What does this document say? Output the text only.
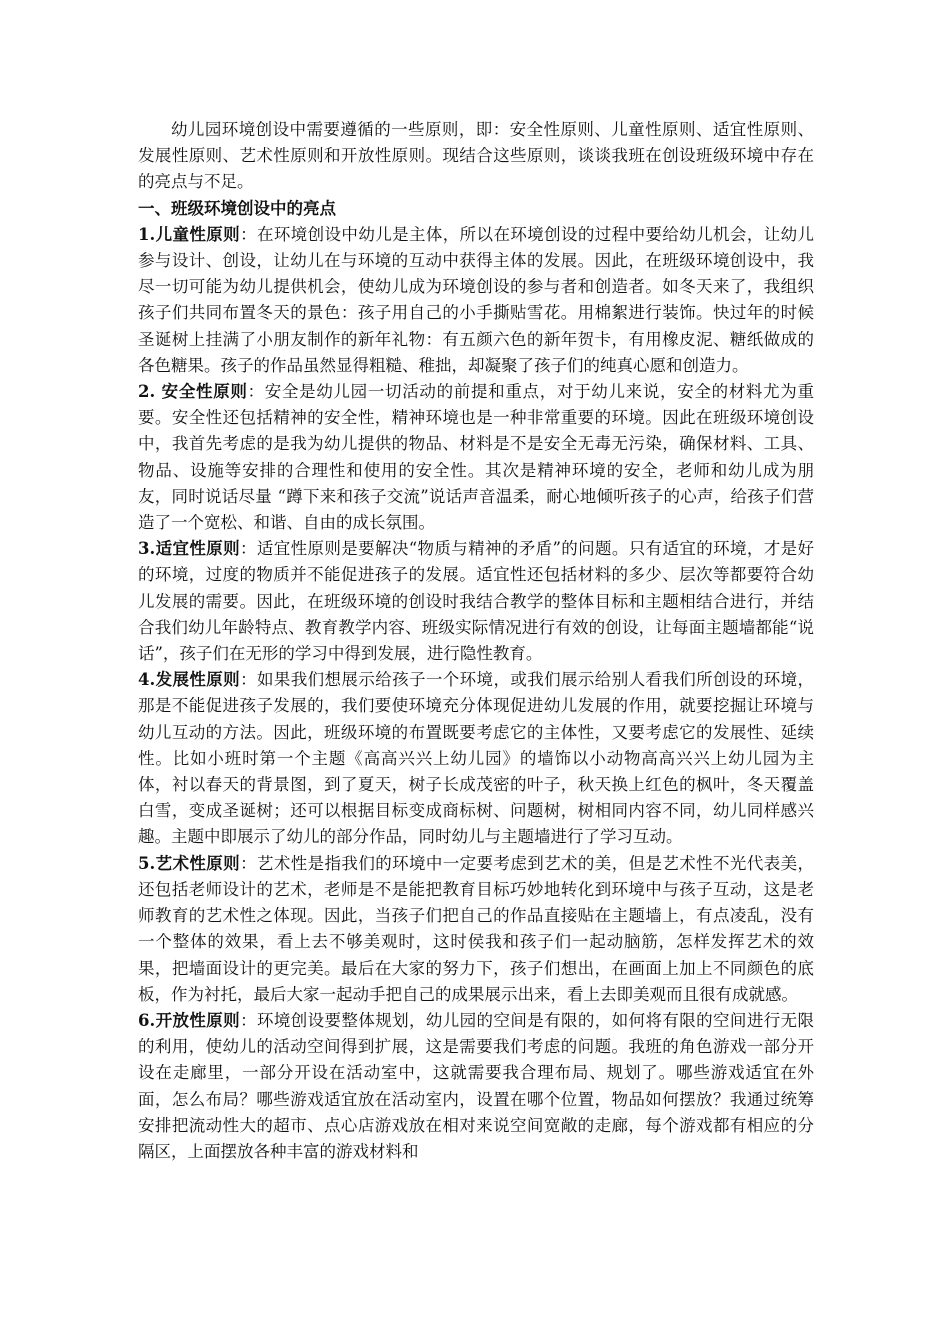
幼儿园环境创设中需要遵循的一些原则，即：安全性原则、儿童性原则、适宜性原则、发展性原则、艺术性原则和开放性原则。现结合这些原则，谈谈我班在创设班级环境中存在的亮点与不足。

一、班级环境创设中的亮点

1.儿童性原则：在环境创设中幼儿是主体，所以在环境创设的过程中要给幼儿机会，让幼儿参与设计、创设，让幼儿在与环境的互动中获得主体的发展。因此，在班级环境创设中，我尽一切可能为幼儿提供机会，使幼儿成为环境创设的参与者和创造者。如冬天来了，我组织孩子们共同布置冬天的景色：孩子用自己的小手撕贴雪花。用棉絮进行装饰。快过年的时候圣诞树上挂满了小朋友制作的新年礼物：有五颜六色的新年贺卡，有用橡皮泥、糖纸做成的各色糖果。孩子的作品虽然显得粗糙、稚拙，却凝聚了孩子们的纯真心愿和创造力。

2. 安全性原则：安全是幼儿园一切活动的前提和重点，对于幼儿来说，安全的材料尤为重要。安全性还包括精神的安全性，精神环境也是一种非常重要的环境。因此在班级环境创设中，我首先考虑的是我为幼儿提供的物品、材料是不是安全无毒无污染，确保材料、工具、物品、设施等安排的合理性和使用的安全性。其次是精神环境的安全，老师和幼儿成为朋友，同时说话尽量 “蹲下来和孩子交流”说话声音温柔，耐心地倾听孩子的心声，给孩子们营造了一个宽松、和谐、自由的成长氛围。

3.适宜性原则：适宜性原则是要解决“物质与精神的矛盾”的问题。只有适宜的环境，才是好的环境，过度的物质并不能促进孩子的发展。适宜性还包括材料的多少、层次等都要符合幼儿发展的需要。因此，在班级环境的创设时我结合教学的整体目标和主题相结合进行，并结合我们幼儿年龄特点、教育教学内容、班级实际情况进行有效的创设，让每面主题墙都能“说话”，孩子们在无形的学习中得到发展，进行隐性教育。

4.发展性原则：如果我们想展示给孩子一个环境，或我们展示给别人看我们所创设的环境，那是不能促进孩子发展的，我们要使环境充分体现促进幼儿发展的作用，就要挖掘让环境与幼儿互动的方法。因此，班级环境的布置既要考虑它的主体性，又要考虑它的发展性、延续性。比如小班时第一个主题《高高兴兴上幼儿园》的墙饰以小动物高高兴兴上幼儿园为主体，衬以春天的背景图，到了夏天，树子长成茂密的叶子，秋天换上红色的枫叶，冬天覆盖白雪，变成圣诞树；还可以根据目标变成商标树、问题树，树相同内容不同，幼儿同样感兴趣。主题中即展示了幼儿的部分作品，同时幼儿与主题墙进行了学习互动。

5.艺术性原则：艺术性是指我们的环境中一定要考虑到艺术的美，但是艺术性不光代表美，还包括老师设计的艺术，老师是不是能把教育目标巧妙地转化到环境中与孩子互动，这是老师教育的艺术性之体现。因此，当孩子们把自己的作品直接贴在主题墙上，有点凌乱，没有一个整体的效果，看上去不够美观时，这时侯我和孩子们一起动脑筋，怎样发挥艺术的效果，把墙面设计的更完美。最后在大家的努力下，孩子们想出，在画面上加上不同颜色的底板，作为衬托，最后大家一起动手把自己的成果展示出来，看上去即美观而且很有成就感。

6.开放性原则：环境创设要整体规划，幼儿园的空间是有限的，如何将有限的空间进行无限的利用，使幼儿的活动空间得到扩展，这是需要我们考虑的问题。我班的角色游戏一部分开设在走廊里，一部分开设在活动室中，这就需要我合理布局、规划了。哪些游戏适宜在外面，怎么布局？哪些游戏适宜放在活动室内，设置在哪个位置，物品如何摆放？我通过统筹安排把流动性大的超市、点心店游戏放在相对来说空间宽敞的走廊，每个游戏都有相应的分隔区，上面摆放各种丰富的游戏材料和
